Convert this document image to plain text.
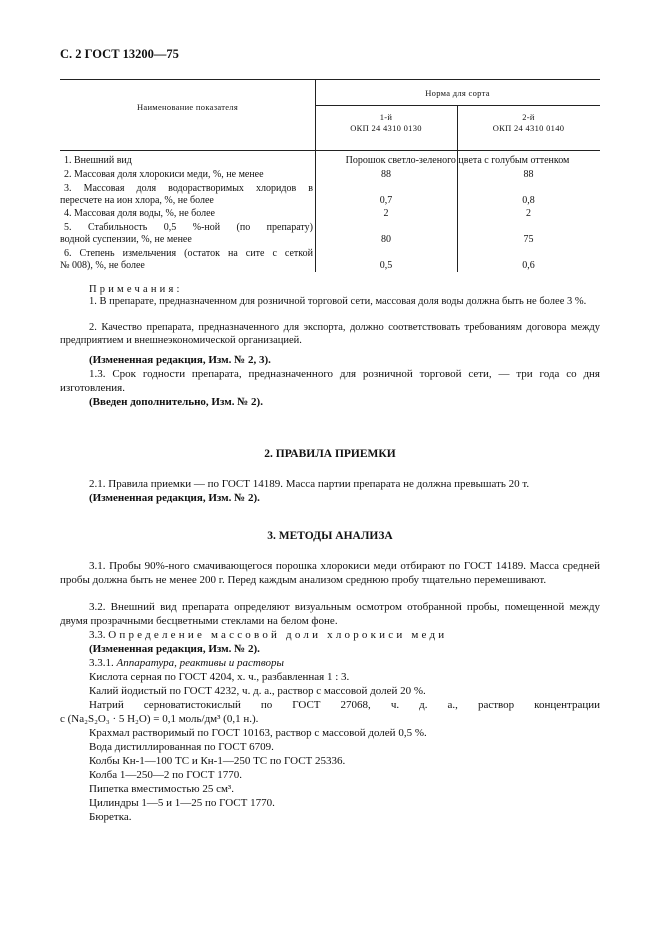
С. 2 ГОСТ 13200—75
Наименование показателя
Норма для сорта
1-й
ОКП 24 4310 0130
2-й
ОКП 24 4310 0140
1. Внешний вид	Порошок светло-зеленого цвета с голубым оттенком
2. Массовая доля хлорокиси меди, %, не менее	88	88
3. Массовая доля водорастворимых хлоридов в
пересчете на ион хлора, %, не более	0,7	0,8
4. Массовая доля воды, %, не более	2	2
5. Стабильность 0,5 %-ной (по препарату)
водной суспензии, %, не менее	80	75
6. Степень измельчения (остаток на сите с сеткой
№ 008), %, не более	0,5	0,6
Примечания:
1. В препарате, предназначенном для розничной торговой сети, массовая доля воды должна быть не более 3 %.
2. Качество препарата, предназначенного для экспорта, должно соответствовать требованиям договора между предприятием и внешнеэкономической организацией.
(Измененная редакция, Изм. № 2, 3).
1.3. Срок годности препарата, предназначенного для розничной торговой сети, — три года со дня изготовления.
(Введен дополнительно, Изм. № 2).
2. ПРАВИЛА ПРИЕМКИ
2.1. Правила приемки — по ГОСТ 14189. Масса партии препарата не должна превышать 20 т.
(Измененная редакция, Изм. № 2).
3. МЕТОДЫ АНАЛИЗА
3.1. Пробы 90%-ного смачивающегося порошка хлорокиси меди отбирают по ГОСТ 14189. Масса средней пробы должна быть не менее 200 г. Перед каждым анализом среднюю пробу тщательно перемешивают.
3.2. Внешний вид препарата определяют визуальным осмотром отобранной пробы, помещенной между двумя прозрачными бесцветными стеклами на белом фоне.
3.3. Определение массовой доли хлорокиси меди
(Измененная редакция, Изм. № 2).
3.3.1. Аппаратура, реактивы и растворы
Кислота серная по ГОСТ 4204, х. ч., разбавленная 1 : 3.
Калий йодистый по ГОСТ 4232, ч. д. а., раствор с массовой долей 20 %.
Натрий серноватистокислый по ГОСТ 27068, ч. д. а., раствор концентрации
c (Na₂S₂O₃ · 5 H₂O) = 0,1 моль/дм³ (0,1 н.).
Крахмал растворимый по ГОСТ 10163, раствор с массовой долей 0,5 %.
Вода дистиллированная по ГОСТ 6709.
Колбы Кн-1—100 ТС и Кн-1—250 ТС по ГОСТ 25336.
Колба 1—250—2 по ГОСТ 1770.
Пипетка вместимостью 25 см³.
Цилиндры 1—5 и 1—25 по ГОСТ 1770.
Бюретка.
